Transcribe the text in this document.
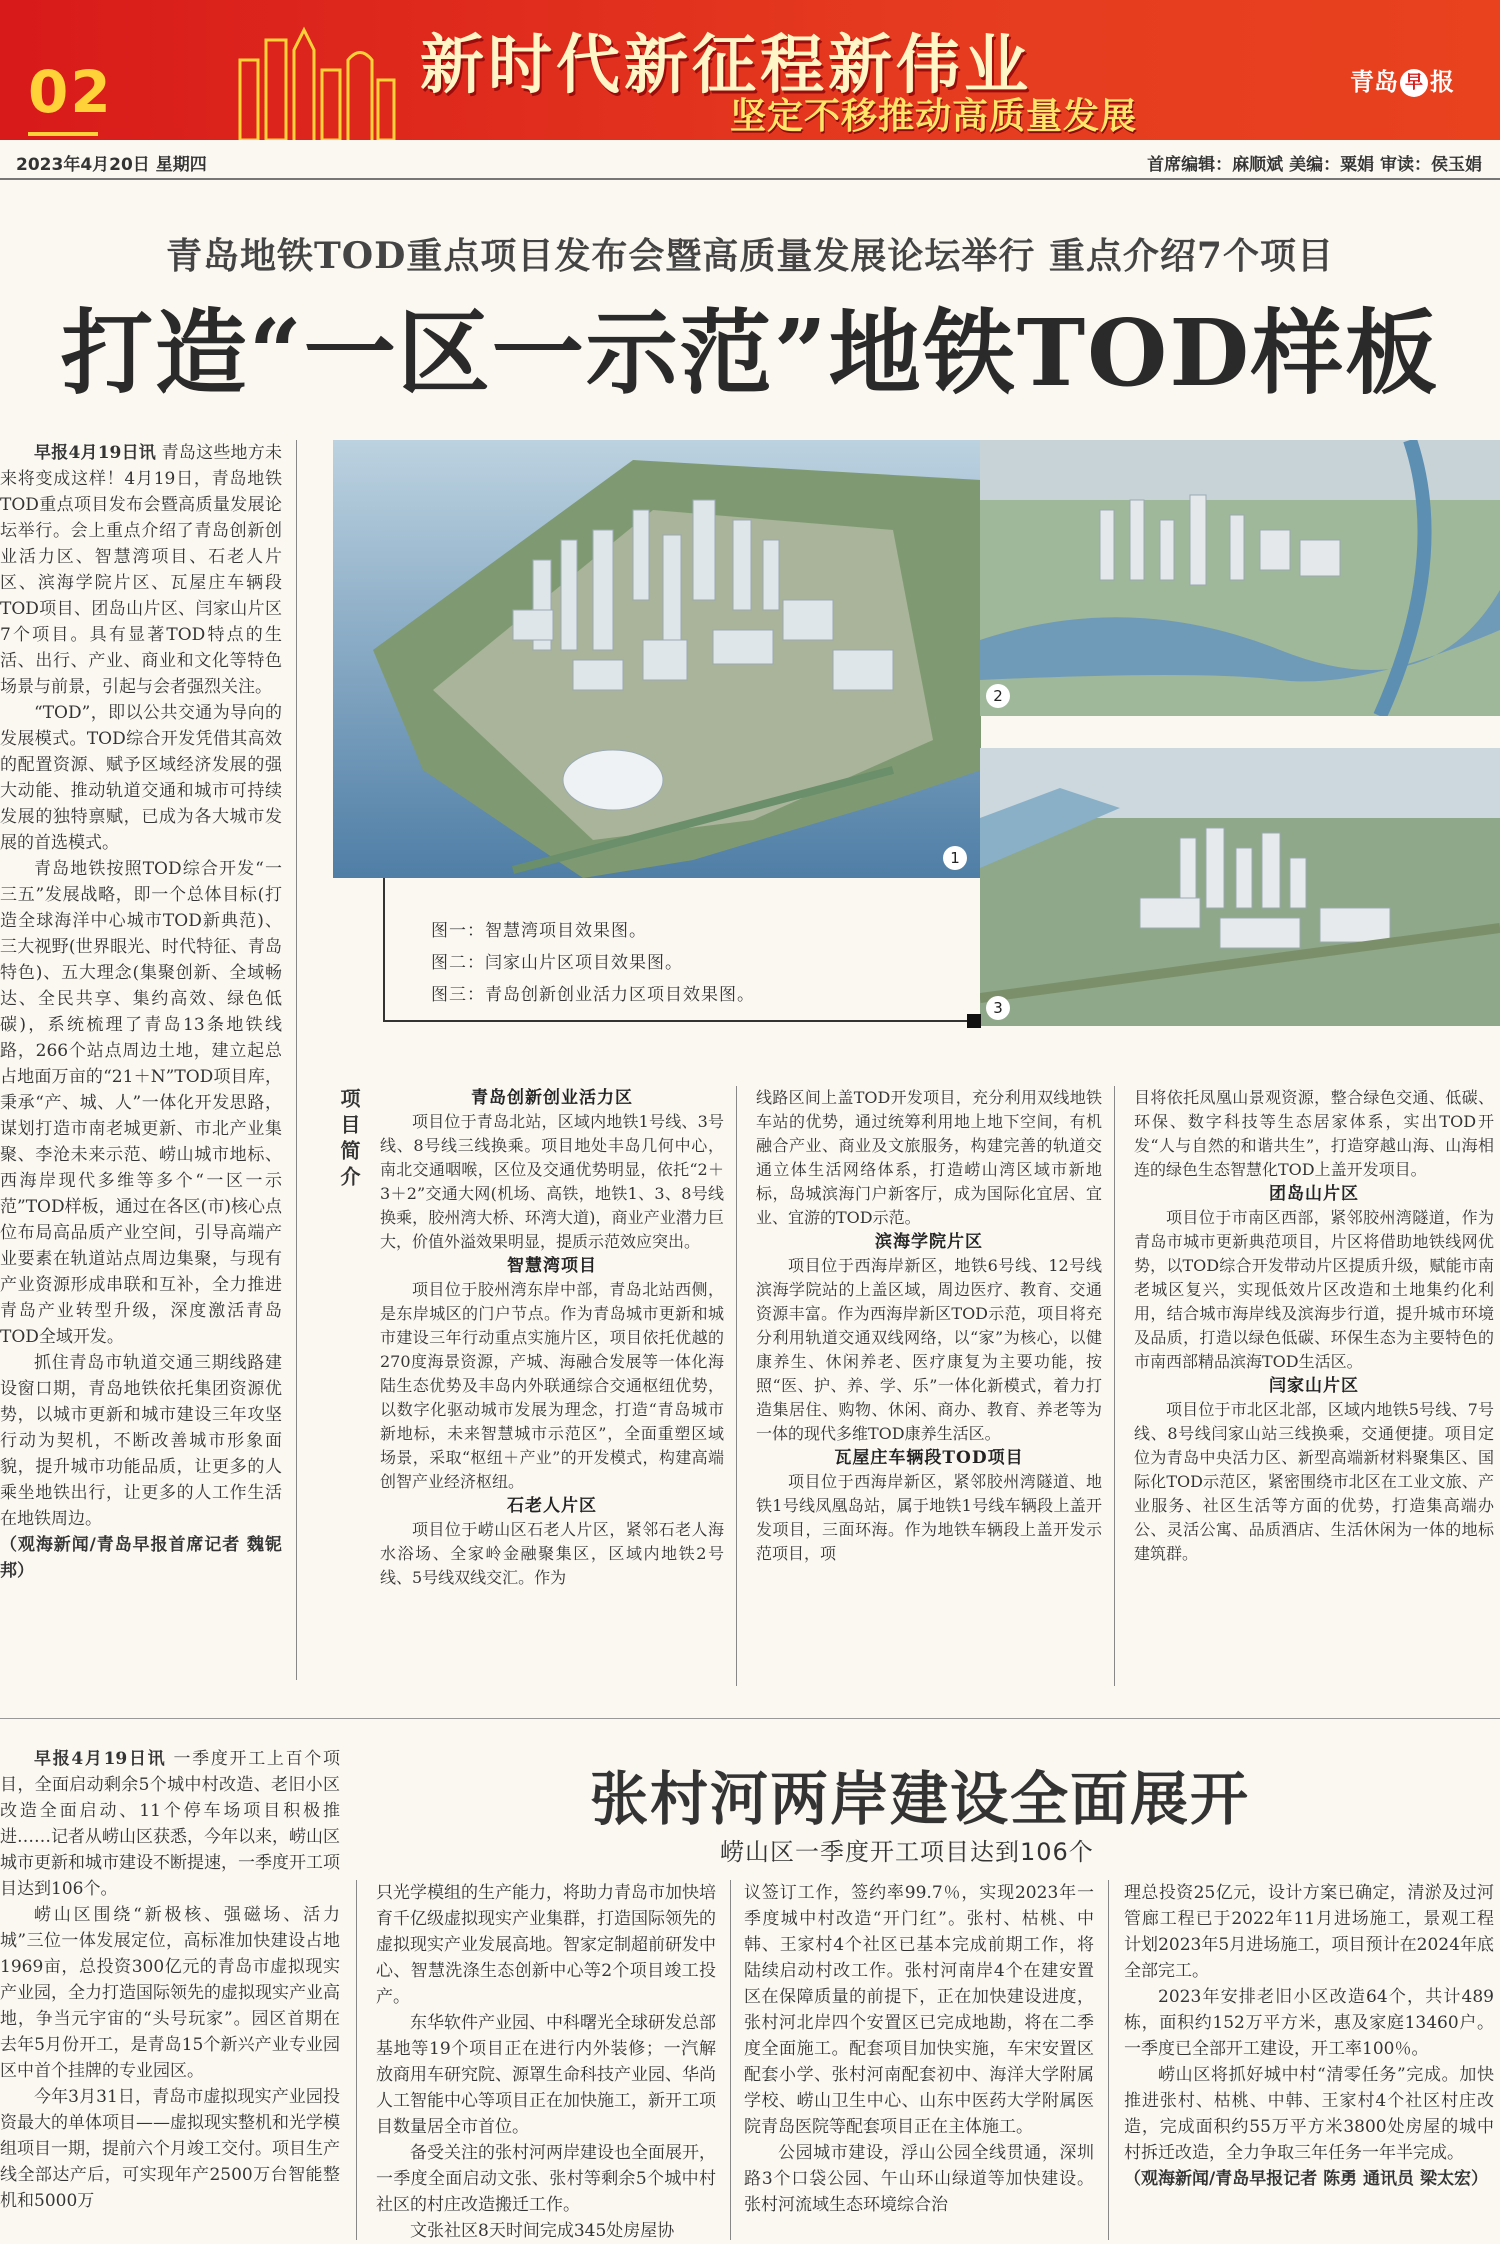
02	新时代新征程新伟业
坚定不移推动高质量发展
青岛 早 报
2023年4月20日 星期四	首席编辑：麻顺斌 美编：粟娟 审读：侯玉娟
青岛地铁TOD重点项目发布会暨高质量发展论坛举行 重点介绍7个项目
打造“一区一示范”地铁TOD样板
1
2
3
图一：智慧湾项目效果图。
图二：闫家山片区项目效果图。
图三：青岛创新创业活力区项目效果图。

早报4月19日讯 青岛这些地方未来将变成这样！4月19日，青岛地铁TOD重点项目发布会暨高质量发展论坛举行。会上重点介绍了青岛创新创业活力区、智慧湾项目、石老人片区、滨海学院片区、瓦屋庄车辆段TOD项目、团岛山片区、闫家山片区7个项目。具有显著TOD特点的生活、出行、产业、商业和文化等特色场景与前景，引起与会者强烈关注。

“TOD”，即以公共交通为导向的发展模式。TOD综合开发凭借其高效的配置资源、赋予区域经济发展的强大动能、推动轨道交通和城市可持续发展的独特禀赋，已成为各大城市发展的首选模式。

青岛地铁按照TOD综合开发“一三五”发展战略，即一个总体目标(打造全球海洋中心城市TOD新典范)、三大视野(世界眼光、时代特征、青岛特色)、五大理念(集聚创新、全域畅达、全民共享、集约高效、绿色低碳)，系统梳理了青岛13条地铁线路，266个站点周边土地，建立起总占地面万亩的“21＋N”TOD项目库，秉承“产、城、人”一体化开发思路，谋划打造市南老城更新、市北产业集聚、李沧未来示范、崂山城市地标、西海岸现代多维等多个“一区一示范”TOD样板，通过在各区(市)核心点位布局高品质产业空间，引导高端产业要素在轨道站点周边集聚，与现有产业资源形成串联和互补，全力推进青岛产业转型升级，深度激活青岛TOD全域开发。

抓住青岛市轨道交通三期线路建设窗口期，青岛地铁依托集团资源优势，以城市更新和城市建设三年攻坚行动为契机，不断改善城市形象面貌，提升城市功能品质，让更多的人乘坐地铁出行，让更多的人工作生活在地铁周边。

（观海新闻/青岛早报首席记者 魏铌邦）

项目简介	青岛创新创业活力区

项目位于青岛北站，区域内地铁1号线、3号线、8号线三线换乘。项目地处丰岛几何中心，南北交通咽喉，区位及交通优势明显，依托“2＋3＋2”交通大网(机场、高铁，地铁1、3、8号线换乘，胶州湾大桥、环湾大道)，商业产业潜力巨大，价值外溢效果明显，提质示范效应突出。

智慧湾项目

项目位于胶州湾东岸中部，青岛北站西侧，是东岸城区的门户节点。作为青岛城市更新和城市建设三年行动重点实施片区，项目依托优越的270度海景资源，产城、海融合发展等一体化海陆生态优势及丰岛内外联通综合交通枢纽优势，以数字化驱动城市发展为理念，打造“青岛城市新地标，未来智慧城市示范区”，全面重塑区域场景，采取“枢纽＋产业”的开发模式，构建高端创智产业经济枢纽。

石老人片区

项目位于崂山区石老人片区，紧邻石老人海水浴场、全家岭金融聚集区，区域内地铁2号线、5号线双线交汇。作为

线路区间上盖TOD开发项目，充分利用双线地铁车站的优势，通过统筹利用地上地下空间，有机融合产业、商业及文旅服务，构建完善的轨道交通立体生活网络体系，打造崂山湾区域市新地标，岛城滨海门户新客厅，成为国际化宜居、宜业、宜游的TOD示范。

滨海学院片区

项目位于西海岸新区，地铁6号线、12号线滨海学院站的上盖区域，周边医疗、教育、交通资源丰富。作为西海岸新区TOD示范，项目将充分利用轨道交通双线网络，以“家”为核心，以健康养生、休闲养老、医疗康复为主要功能，按照“医、护、养、学、乐”一体化新模式，着力打造集居住、购物、休闲、商办、教育、养老等为一体的现代多维TOD康养生活区。

瓦屋庄车辆段TOD项目

项目位于西海岸新区，紧邻胶州湾隧道、地铁1号线凤凰岛站，属于地铁1号线车辆段上盖开发项目，三面环海。作为地铁车辆段上盖开发示范项目，项

目将依托凤凰山景观资源，整合绿色交通、低碳、环保、数字科技等生态居家体系，实出TOD开发“人与自然的和谐共生”，打造穿越山海、山海相连的绿色生态智慧化TOD上盖开发项目。

团岛山片区

项目位于市南区西部，紧邻胶州湾隧道，作为青岛市城市更新典范项目，片区将借助地铁线网优势，以TOD综合开发带动片区提质升级，赋能市南老城区复兴，实现低效片区改造和土地集约化利用，结合城市海岸线及滨海步行道，提升城市环境及品质，打造以绿色低碳、环保生态为主要特色的市南西部精品滨海TOD生活区。

闫家山片区

项目位于市北区北部，区域内地铁5号线、7号线、8号线闫家山站三线换乘，交通便捷。项目定位为青岛中央活力区、新型高端新材料聚集区、国际化TOD示范区，紧密围绕市北区在工业文旅、产业服务、社区生活等方面的优势，打造集高端办公、灵活公寓、品质酒店、生活休闲为一体的地标建筑群。

张村河两岸建设全面展开
崂山区一季度开工项目达到106个

早报4月19日讯 一季度开工上百个项目，全面启动剩余5个城中村改造、老旧小区改造全面启动、11个停车场项目积极推进……记者从崂山区获悉，今年以来，崂山区城市更新和城市建设不断提速，一季度开工项目达到106个。

崂山区围绕“新极核、强磁场、活力城”三位一体发展定位，高标准加快建设占地1969亩，总投资300亿元的青岛市虚拟现实产业园，全力打造国际领先的虚拟现实产业高地，争当元宇宙的“头号玩家”。园区首期在去年5月份开工，是青岛15个新兴产业专业园区中首个挂牌的专业园区。

今年3月31日，青岛市虚拟现实产业园投资最大的单体项目——虚拟现实整机和光学模组项目一期，提前六个月竣工交付。项目生产线全部达产后，可实现年产2500万台智能整机和5000万

只光学模组的生产能力，将助力青岛市加快培育千亿级虚拟现实产业集群，打造国际领先的虚拟现实产业发展高地。智家定制超前研发中心、智慧洗涤生态创新中心等2个项目竣工投产。

东华软件产业园、中科曙光全球研发总部基地等19个项目正在进行内外装修；一汽解放商用车研究院、源罩生命科技产业园、华尚人工智能中心等项目正在加快施工，新开工项目数量居全市首位。

备受关注的张村河两岸建设也全面展开，一季度全面启动文张、张村等剩余5个城中村社区的村庄改造搬迁工作。

文张社区8天时间完成345处房屋协

议签订工作，签约率99.7％，实现2023年一季度城中村改造“开门红”。张村、枯桃、中韩、王家村4个社区已基本完成前期工作，将陆续启动村改工作。张村河南岸4个在建安置区在保障质量的前提下，正在加快建设进度，张村河北岸四个安置区已完成地勘，将在二季度全面施工。配套项目加快实施，车宋安置区配套小学、张村河南配套初中、海洋大学附属学校、崂山卫生中心、山东中医药大学附属医院青岛医院等配套项目正在主体施工。

公园城市建设，浮山公园全线贯通，深圳路3个口袋公园、午山环山绿道等加快建设。张村河流域生态环境综合治

理总投资25亿元，设计方案已确定，清淤及过河管廊工程已于2022年11月进场施工，景观工程计划2023年5月进场施工，项目预计在2024年底全部完工。

2023年安排老旧小区改造64个，共计489栋，面积约152万平方米，惠及家庭13460户。一季度已全部开工建设，开工率100％。

崂山区将抓好城中村“清零任务”完成。加快推进张村、枯桃、中韩、王家村4个社区村庄改造，完成面积约55万平方米3800处房屋的城中村拆迁改造，全力争取三年任务一年半完成。

（观海新闻/青岛早报记者 陈勇 通讯员 梁太宏）
